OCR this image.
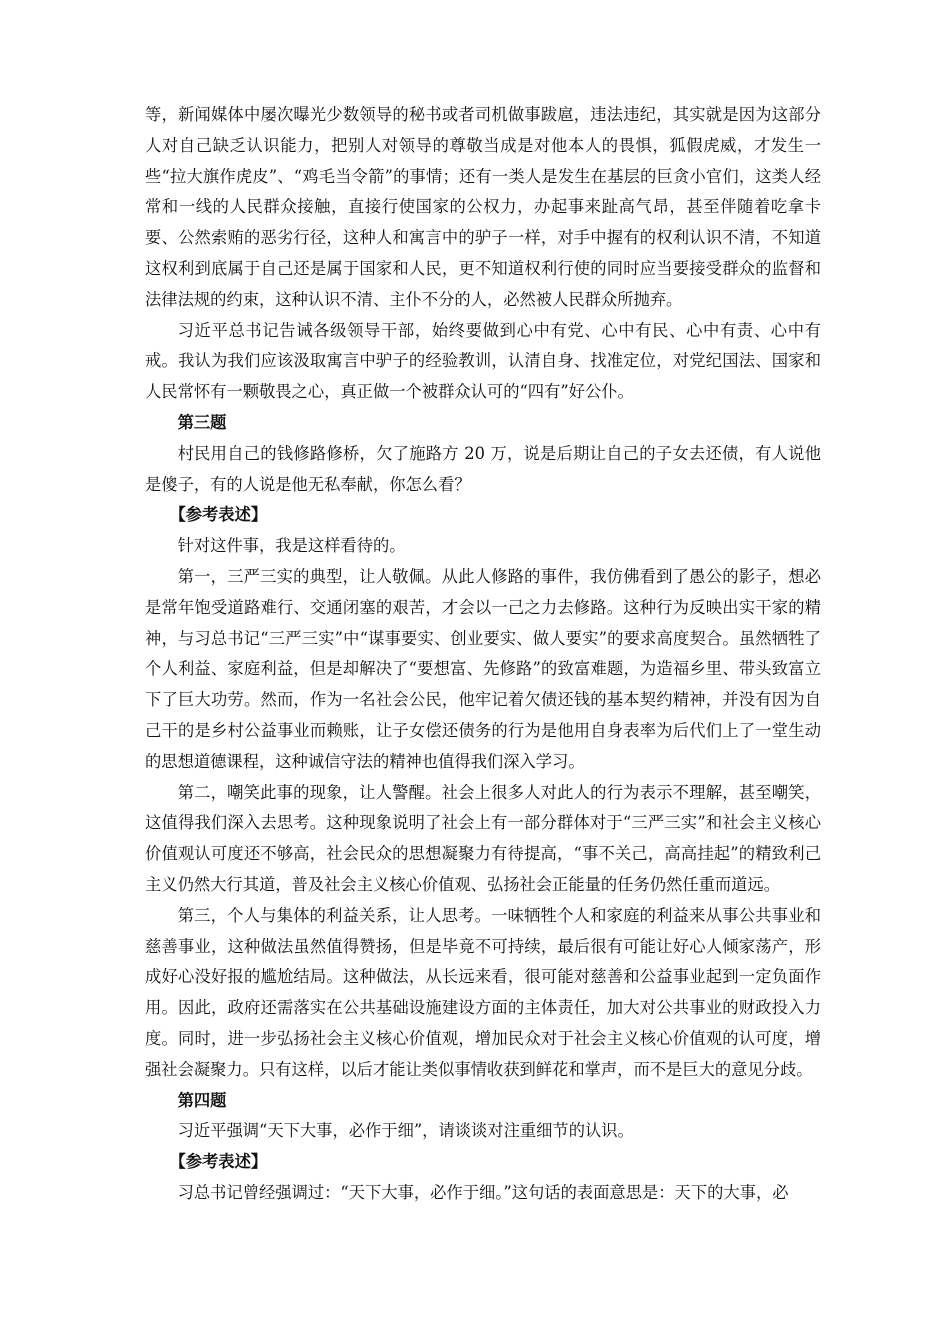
等，新闻媒体中屡次曝光少数领导的秘书或者司机做事跋扈，违法违纪，其实就是因为这部分人对自己缺乏认识能力，把别人对领导的尊敬当成是对他本人的畏惧，狐假虎威，才发生一些“拉大旗作虎皮”、“鸡毛当令箭”的事情；还有一类人是发生在基层的巨贪小官们，这类人经常和一线的人民群众接触，直接行使国家的公权力，办起事来趾高气昂，甚至伴随着吃拿卡要、公然索贿的恶劣行径，这种人和寓言中的驴子一样，对手中握有的权利认识不清，不知道这权利到底属于自己还是属于国家和人民，更不知道权利行使的同时应当要接受群众的监督和法律法规的约束，这种认识不清、主仆不分的人，必然被人民群众所抛弃。

习近平总书记告诫各级领导干部，始终要做到心中有党、心中有民、心中有责、心中有戒。我认为我们应该汲取寓言中驴子的经验教训，认清自身、找准定位，对党纪国法、国家和人民常怀有一颗敬畏之心，真正做一个被群众认可的“四有”好公仆。

第三题

村民用自己的钱修路修桥，欠了施路方 20 万，说是后期让自己的子女去还债，有人说他是傻子，有的人说是他无私奉献，你怎么看？

【参考表述】

针对这件事，我是这样看待的。

第一，三严三实的典型，让人敬佩。从此人修路的事件，我仿佛看到了愚公的影子，想必是常年饱受道路难行、交通闭塞的艰苦，才会以一己之力去修路。这种行为反映出实干家的精神，与习总书记“三严三实”中“谋事要实、创业要实、做人要实”的要求高度契合。虽然牺牲了个人利益、家庭利益，但是却解决了“要想富、先修路”的致富难题，为造福乡里、带头致富立下了巨大功劳。然而，作为一名社会公民，他牢记着欠债还钱的基本契约精神，并没有因为自己干的是乡村公益事业而赖账，让子女偿还债务的行为是他用自身表率为后代们上了一堂生动的思想道德课程，这种诚信守法的精神也值得我们深入学习。

第二，嘲笑此事的现象，让人警醒。社会上很多人对此人的行为表示不理解，甚至嘲笑，这值得我们深入去思考。这种现象说明了社会上有一部分群体对于“三严三实”和社会主义核心价值观认可度还不够高，社会民众的思想凝聚力有待提高，“事不关己，高高挂起”的精致利己主义仍然大行其道，普及社会主义核心价值观、弘扬社会正能量的任务仍然任重而道远。

第三，个人与集体的利益关系，让人思考。一味牺牲个人和家庭的利益来从事公共事业和慈善事业，这种做法虽然值得赞扬，但是毕竟不可持续，最后很有可能让好心人倾家荡产，形成好心没好报的尴尬结局。这种做法，从长远来看，很可能对慈善和公益事业起到一定负面作用。因此，政府还需落实在公共基础设施建设方面的主体责任，加大对公共事业的财政投入力度。同时，进一步弘扬社会主义核心价值观，增加民众对于社会主义核心价值观的认可度，增强社会凝聚力。只有这样，以后才能让类似事情收获到鲜花和掌声，而不是巨大的意见分歧。

第四题

习近平强调“天下大事，必作于细”，请谈谈对注重细节的认识。

【参考表述】

习总书记曾经强调过：“天下大事，必作于细。”这句话的表面意思是：天下的大事，必
